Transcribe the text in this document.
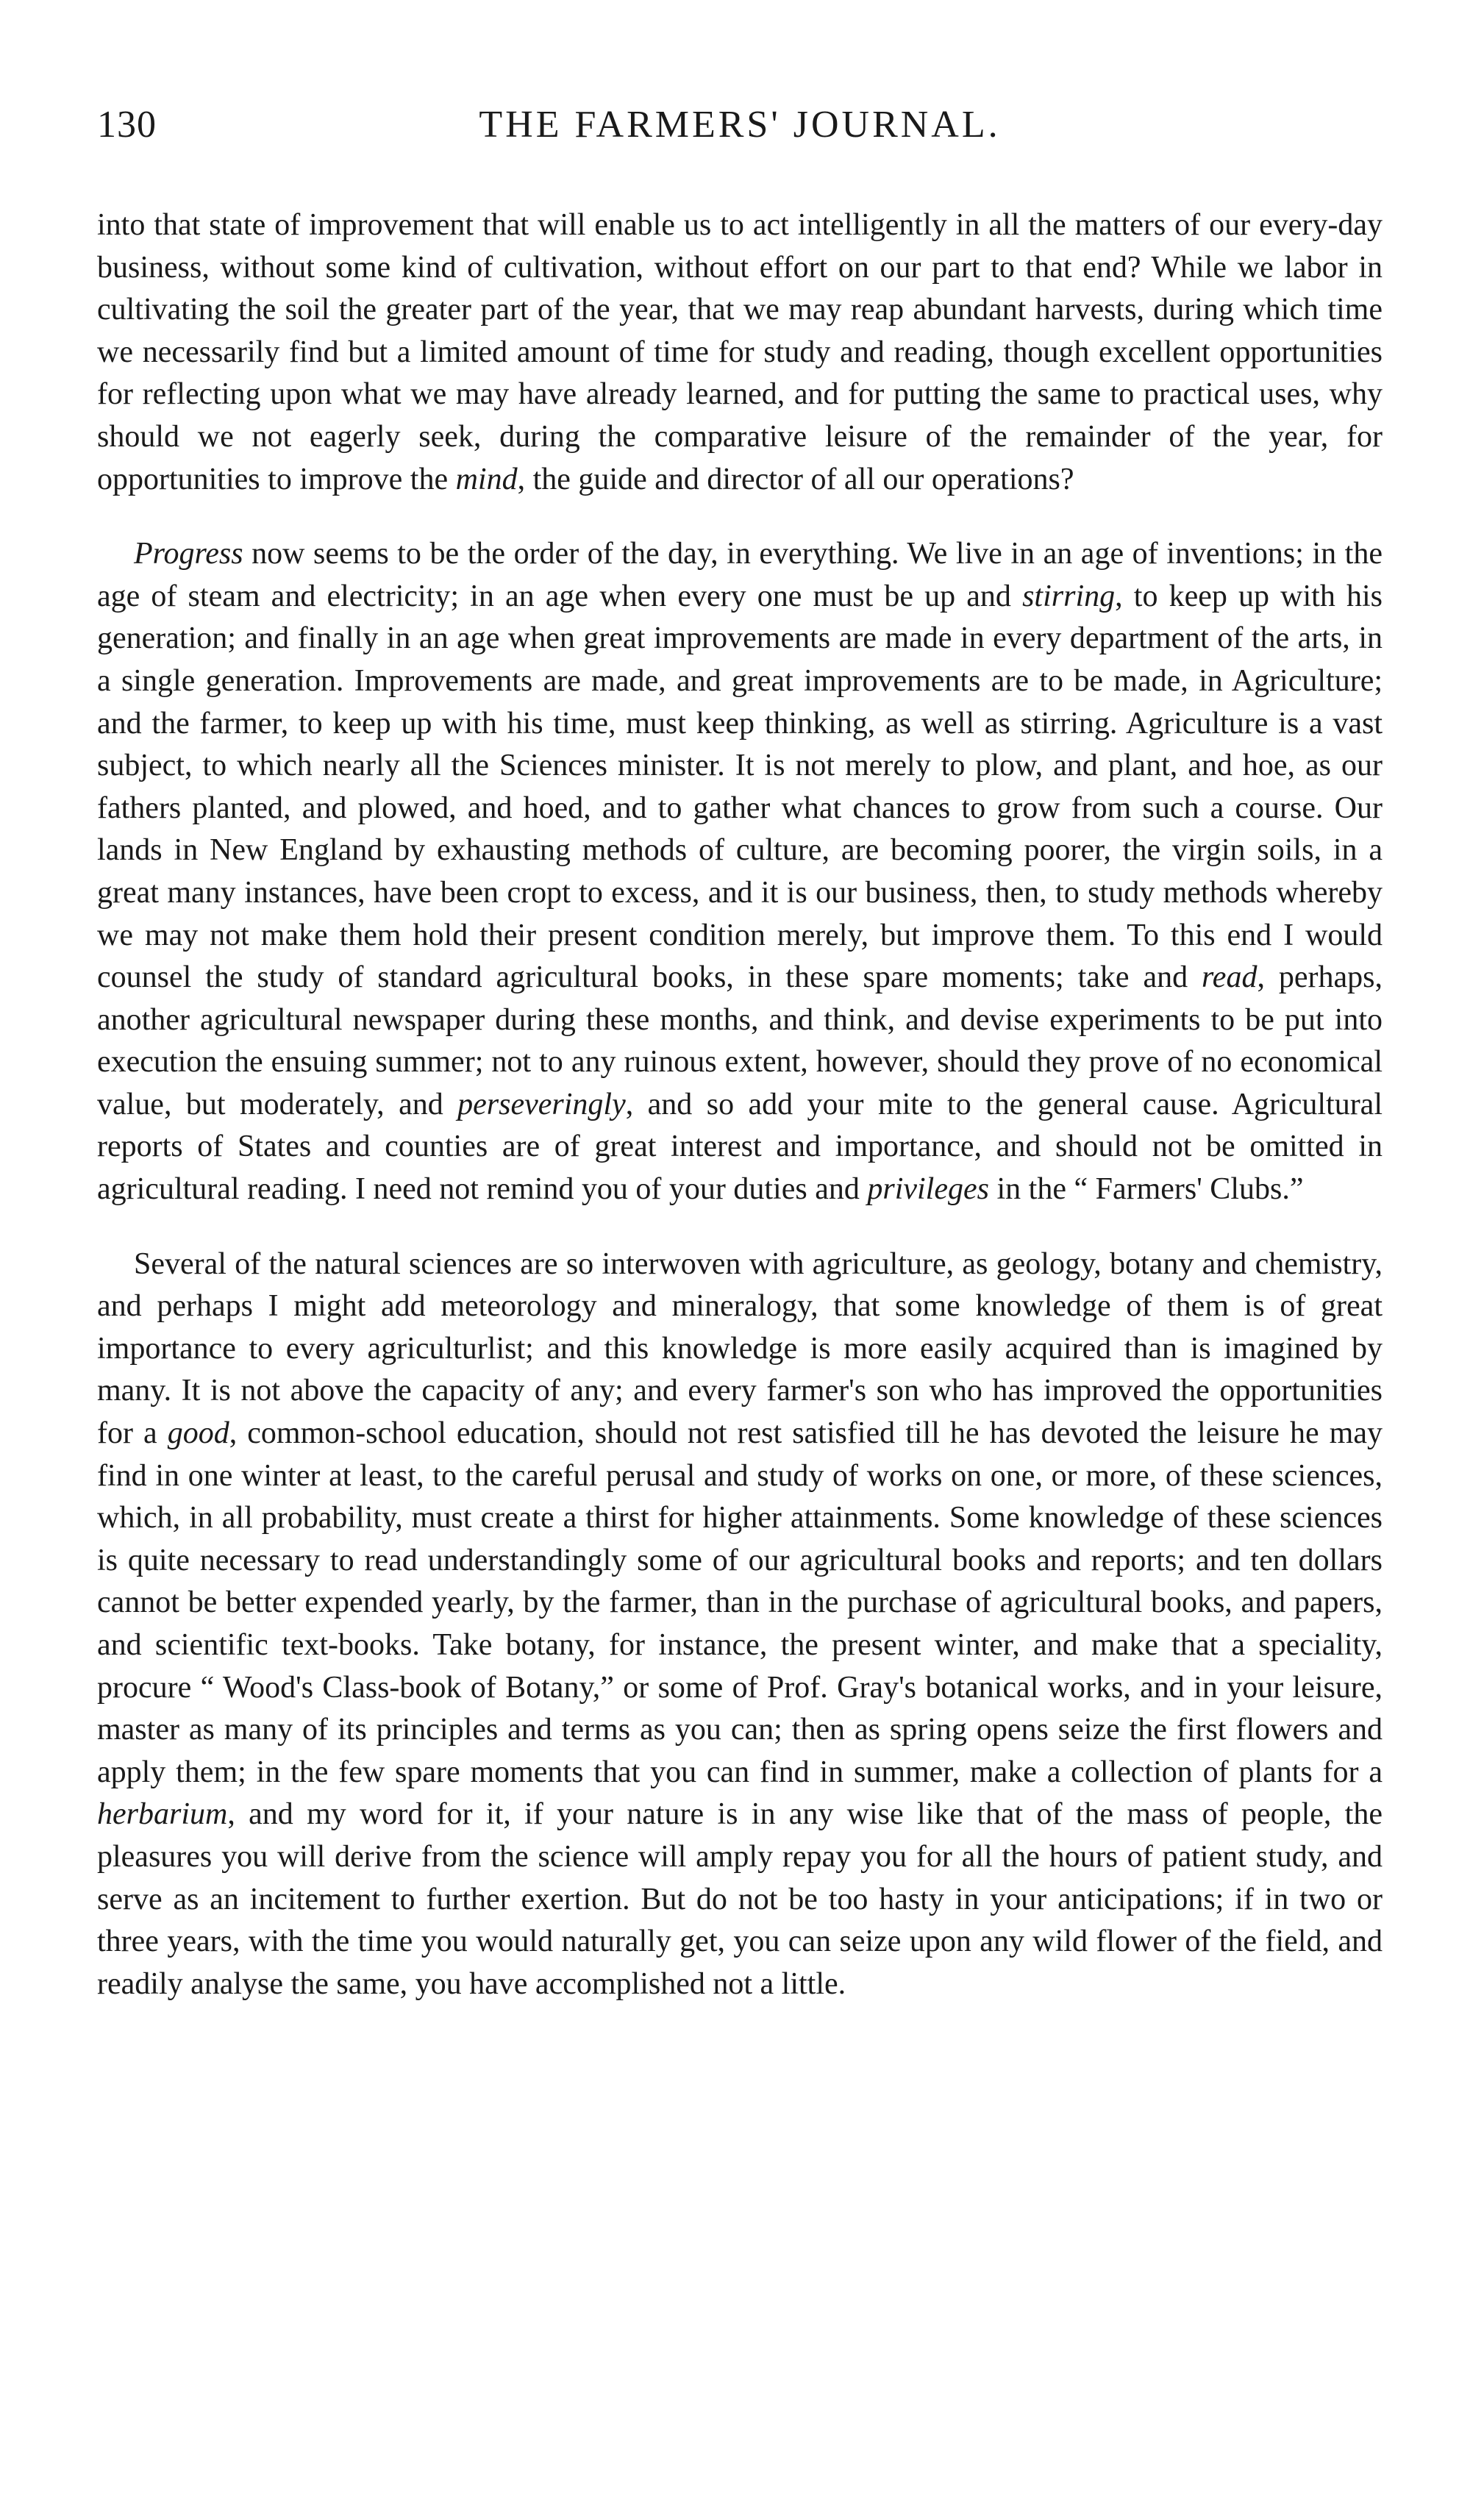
130	THE FARMERS' JOURNAL.

into that state of improvement that will enable us to act intelligently in all the matters of our every-day business, without some kind of cultivation, without effort on our part to that end? While we labor in cultivating the soil the greater part of the year, that we may reap abundant harvests, during which time we necessarily find but a limited amount of time for study and reading, though excellent opportunities for reflecting upon what we may have already learned, and for putting the same to practical uses, why should we not eagerly seek, during the comparative leisure of the remainder of the year, for opportunities to improve the mind, the guide and director of all our operations?

Progress now seems to be the order of the day, in everything. We live in an age of inventions; in the age of steam and electricity; in an age when every one must be up and stirring, to keep up with his generation; and finally in an age when great improvements are made in every department of the arts, in a single generation. Improvements are made, and great improvements are to be made, in Agriculture; and the farmer, to keep up with his time, must keep thinking, as well as stirring. Agriculture is a vast subject, to which nearly all the Sciences minister. It is not merely to plow, and plant, and hoe, as our fathers planted, and plowed, and hoed, and to gather what chances to grow from such a course. Our lands in New England by exhausting methods of culture, are becoming poorer, the virgin soils, in a great many instances, have been cropt to excess, and it is our business, then, to study methods whereby we may not make them hold their present condition merely, but improve them. To this end I would counsel the study of standard agricultural books, in these spare moments; take and read, perhaps, another agricultural newspaper during these months, and think, and devise experiments to be put into execution the ensuing summer; not to any ruinous extent, however, should they prove of no economical value, but moderately, and perseveringly, and so add your mite to the general cause. Agricultural reports of States and counties are of great interest and importance, and should not be omitted in agricultural reading. I need not remind you of your duties and privileges in the “ Farmers' Clubs.”

Several of the natural sciences are so interwoven with agriculture, as geology, botany and chemistry, and perhaps I might add meteorology and mineralogy, that some knowledge of them is of great importance to every agriculturlist; and this knowledge is more easily acquired than is imagined by many. It is not above the capacity of any; and every farmer's son who has improved the opportunities for a good, common-school education, should not rest satisfied till he has devoted the leisure he may find in one winter at least, to the careful perusal and study of works on one, or more, of these sciences, which, in all probability, must create a thirst for higher attainments. Some knowledge of these sciences is quite necessary to read understandingly some of our agricultural books and reports; and ten dollars cannot be better expended yearly, by the farmer, than in the purchase of agricultural books, and papers, and scientific text-books. Take botany, for instance, the present winter, and make that a speciality, procure “ Wood's Class-book of Botany,” or some of Prof. Gray's botanical works, and in your leisure, master as many of its principles and terms as you can; then as spring opens seize the first flowers and apply them; in the few spare moments that you can find in summer, make a collection of plants for a herbarium, and my word for it, if your nature is in any wise like that of the mass of people, the pleasures you will derive from the science will amply repay you for all the hours of patient study, and serve as an incitement to further exertion. But do not be too hasty in your anticipations; if in two or three years, with the time you would naturally get, you can seize upon any wild flower of the field, and readily analyse the same, you have accomplished not a little.
